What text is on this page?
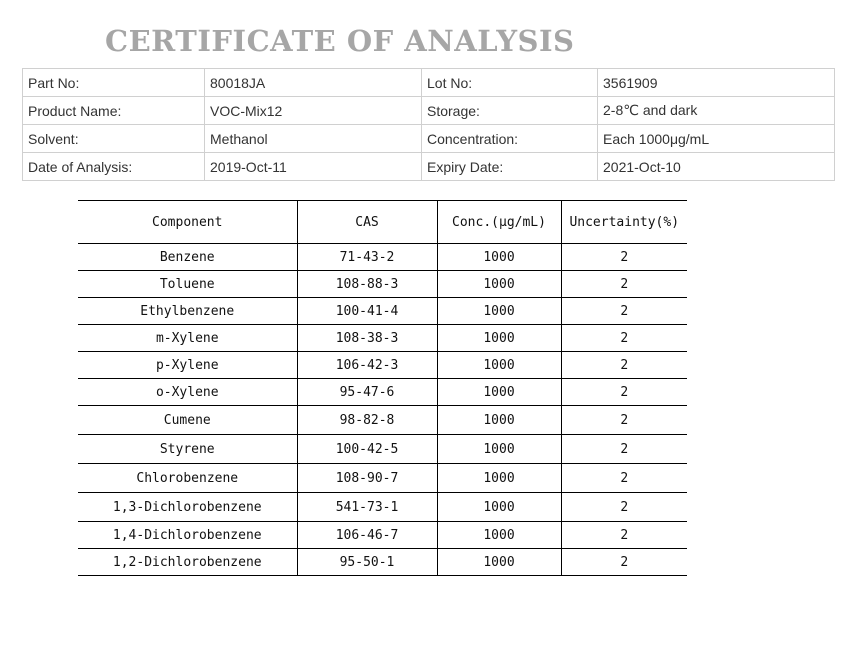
CERTIFICATE OF ANALYSIS
Part No:	80018JA	Lot No:	3561909
Product Name:	VOC-Mix12	Storage:	2-8℃ and dark
Solvent:	Methanol	Concentration:	Each 1000μg/mL
Date of Analysis:	2019-Oct-11	Expiry Date:	2021-Oct-10
Component	CAS	Conc.(μg/mL)	Uncertainty(%)
Benzene	71-43-2	1000	2
Toluene	108-88-3	1000	2
Ethylbenzene	100-41-4	1000	2
m-Xylene	108-38-3	1000	2
p-Xylene	106-42-3	1000	2
o-Xylene	95-47-6	1000	2
Cumene	98-82-8	1000	2
Styrene	100-42-5	1000	2
Chlorobenzene	108-90-7	1000	2
1,3-Dichlorobenzene	541-73-1	1000	2
1,4-Dichlorobenzene	106-46-7	1000	2
1,2-Dichlorobenzene	95-50-1	1000	2
